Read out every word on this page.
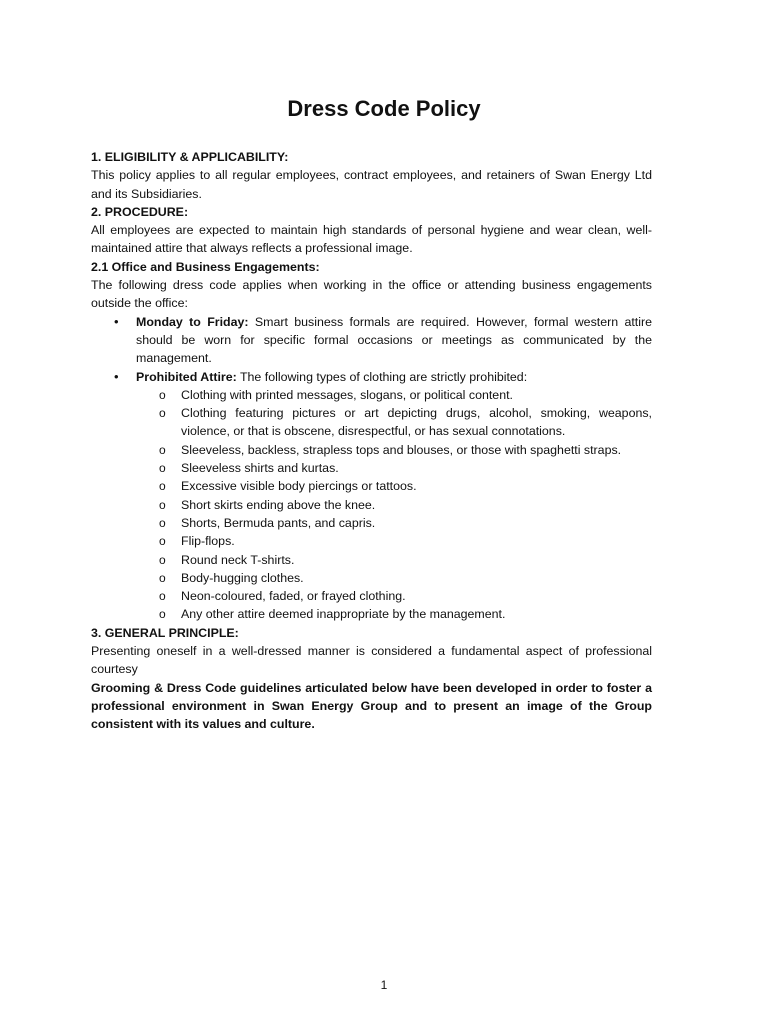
Dress Code Policy

1. ELIGIBILITY & APPLICABILITY:

This policy applies to all regular employees, contract employees, and retainers of Swan Energy Ltd and its Subsidiaries.

2. PROCEDURE:

All employees are expected to maintain high standards of personal hygiene and wear clean, well-maintained attire that always reflects a professional image.

2.1 Office and Business Engagements:

The following dress code applies when working in the office or attending business engagements outside the office:

• Monday to Friday: Smart business formals are required. However, formal western attire should be worn for specific formal occasions or meetings as communicated by the management.
• Prohibited Attire: The following types of clothing are strictly prohibited:
o Clothing with printed messages, slogans, or political content.
o Clothing featuring pictures or art depicting drugs, alcohol, smoking, weapons, violence, or that is obscene, disrespectful, or has sexual connotations.
o Sleeveless, backless, strapless tops and blouses, or those with spaghetti straps.
o Sleeveless shirts and kurtas.
o Excessive visible body piercings or tattoos.
o Short skirts ending above the knee.
o Shorts, Bermuda pants, and capris.
o Flip-flops.
o Round neck T-shirts.
o Body-hugging clothes.
o Neon-coloured, faded, or frayed clothing.
o Any other attire deemed inappropriate by the management.

3. GENERAL PRINCIPLE:

Presenting oneself in a well-dressed manner is considered a fundamental aspect of professional courtesy

Grooming & Dress Code guidelines articulated below have been developed in order to foster a professional environment in Swan Energy Group and to present an image of the Group consistent with its values and culture.

1
